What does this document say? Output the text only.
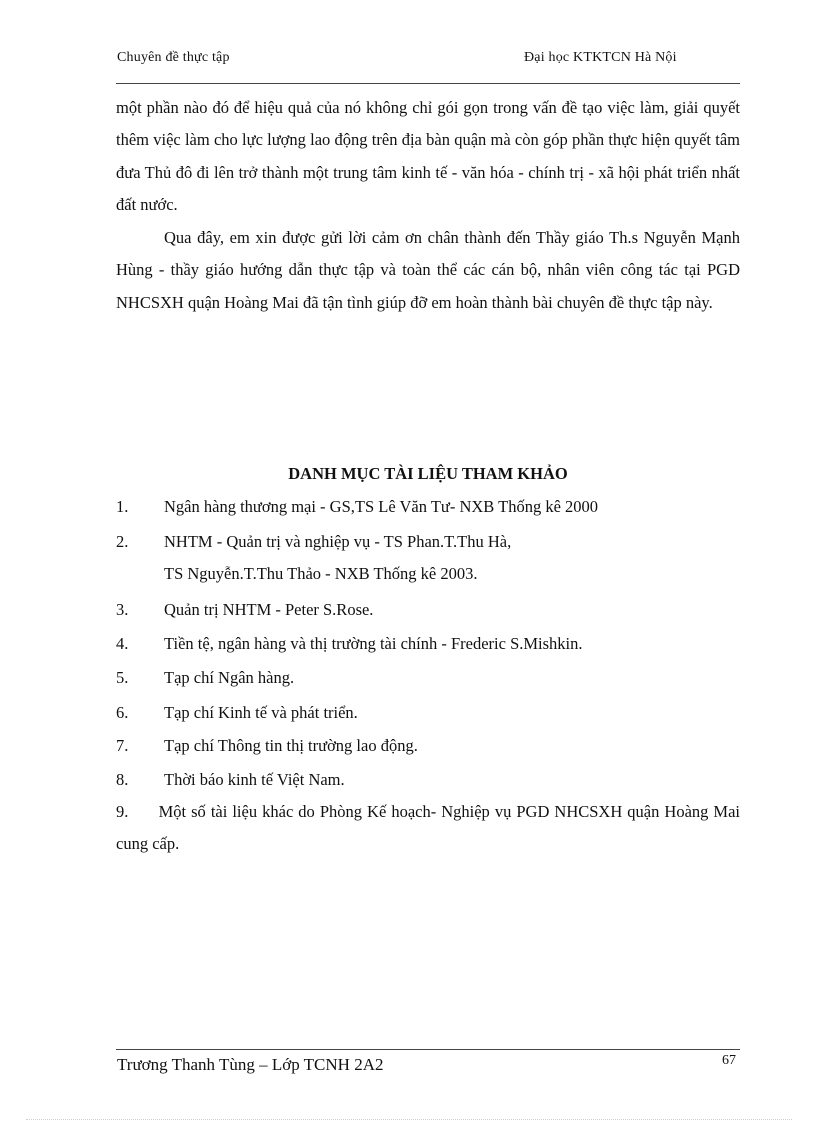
Chuyên đề thực tập	Đại học KTKTCN Hà Nội

một phần nào đó để hiệu quả của nó không chỉ gói gọn trong vấn đề tạo việc làm, giải quyết thêm việc làm cho lực lượng lao động trên địa bàn quận mà còn góp phần thực hiện quyết tâm đưa Thủ đô đi lên trở thành một trung tâm kinh tế - văn hóa - chính trị - xã hội phát triển nhất đất nước.

Qua đây, em xin được gửi lời cảm ơn chân thành đến Thầy giáo Th.s Nguyễn Mạnh Hùng - thầy giáo hướng dẫn thực tập và toàn thể các cán bộ, nhân viên công tác tại PGD NHCSXH quận Hoàng Mai đã tận tình giúp đỡ em hoàn thành bài chuyên đề thực tập này.

DANH MỤC TÀI LIỆU THAM KHẢO
1. Ngân hàng thương mại - GS,TS Lê Văn Tư- NXB Thống kê 2000
2. NHTM - Quản trị và nghiệp vụ - TS Phan.T.Thu Hà,
TS Nguyễn.T.Thu Thảo - NXB Thống kê 2003.
3. Quản trị NHTM - Peter S.Rose.
4. Tiền tệ, ngân hàng và thị trường tài chính - Frederic S.Mishkin.
5. Tạp chí Ngân hàng.
6. Tạp chí Kinh tế và phát triển.
7. Tạp chí Thông tin thị trường lao động.
8. Thời báo kinh tế Việt Nam.
9. Một số tài liệu khác do Phòng Kế hoạch- Nghiệp vụ PGD NHCSXH quận Hoàng Mai cung cấp.
Trương Thanh Tùng – Lớp TCNH 2A2	67
